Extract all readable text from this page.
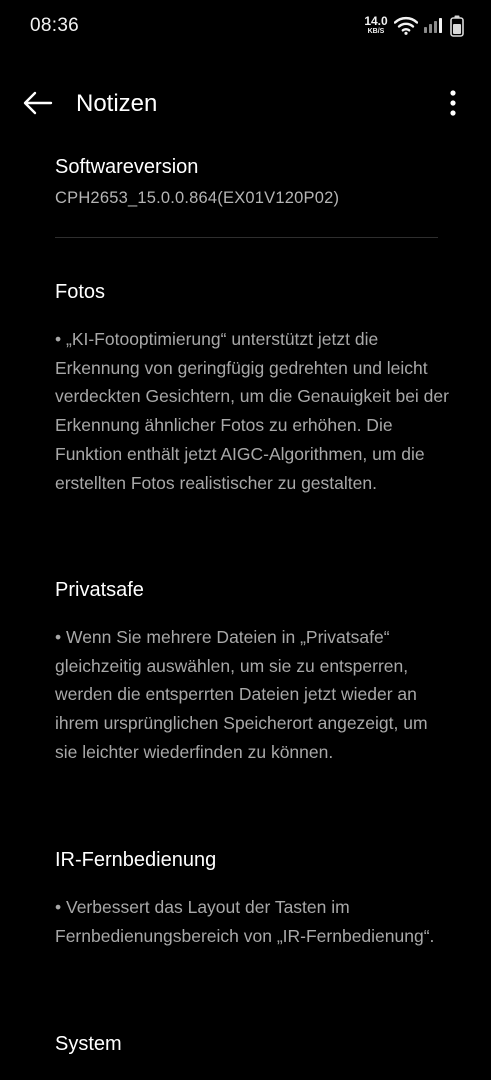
08:36	14.0
KB/S
Notizen
Softwareversion
CPH2653_15.0.0.864(EX01V120P02)
Fotos

• „KI-Fotooptimierung“ unterstützt jetzt die Erkennung von geringfügig gedrehten und leicht verdeckten Gesichtern, um die Genauigkeit bei der Erkennung ähnlicher Fotos zu erhöhen. Die Funktion enthält jetzt AIGC-Algorithmen, um die erstellten Fotos realistischer zu gestalten.

Privatsafe

• Wenn Sie mehrere Dateien in „Privatsafe“ gleichzeitig auswählen, um sie zu entsperren, werden die entsperrten Dateien jetzt wieder an ihrem ursprünglichen Speicherort angezeigt, um sie leichter wiederfinden zu können.

IR-Fernbedienung

• Verbessert das Layout der Tasten im Fernbedienungsbereich von „IR-Fernbedienung“.

System
